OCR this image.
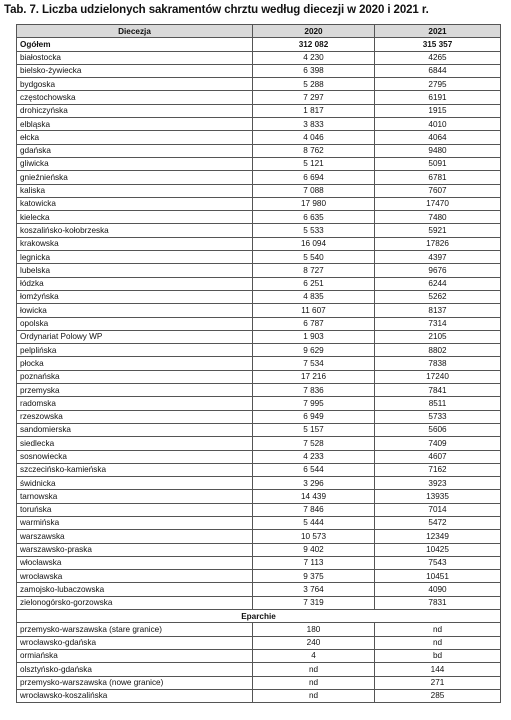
Tab. 7. Liczba udzielonych sakramentów chrztu według diecezji w 2020 i 2021 r.
Diecezja	2020	2021
Ogółem	312 082	315 357
białostocka	4 230	4265
bielsko-żywiecka	6 398	6844
bydgoska	5 288	2795
częstochowska	7 297	6191
drohiczyńska	1 817	1915
elbląska	3 833	4010
ełcka	4 046	4064
gdańska	8 762	9480
gliwicka	5 121	5091
gnieźnieńska	6 694	6781
kaliska	7 088	7607
katowicka	17 980	17470
kielecka	6 635	7480
koszalińsko-kołobrzeska	5 533	5921
krakowska	16 094	17826
legnicka	5 540	4397
lubelska	8 727	9676
łódzka	6 251	6244
łomżyńska	4 835	5262
łowicka	11 607	8137
opolska	6 787	7314
Ordynariat Polowy WP	1 903	2105
pelplińska	9 629	8802
płocka	7 534	7838
poznańska	17 216	17240
przemyska	7 836	7841
radomska	7 995	8511
rzeszowska	6 949	5733
sandomierska	5 157	5606
siedlecka	7 528	7409
sosnowiecka	4 233	4607
szczecińsko-kamieńska	6 544	7162
świdnicka	3 296	3923
tarnowska	14 439	13935
toruńska	7 846	7014
warmińska	5 444	5472
warszawska	10 573	12349
warszawsko-praska	9 402	10425
włocławska	7 113	7543
wrocławska	9 375	10451
zamojsko-lubaczowska	3 764	4090
zielonogórsko-gorzowska	7 319	7831
Eparchie		
przemysko-warszawska (stare granice)	180	nd
wrocławsko-gdańska	240	nd
ormiańska	4	bd
olsztyńsko-gdańska	nd	144
przemysko-warszawska (nowe granice)	nd	271
wrocławsko-koszalińska	nd	285
